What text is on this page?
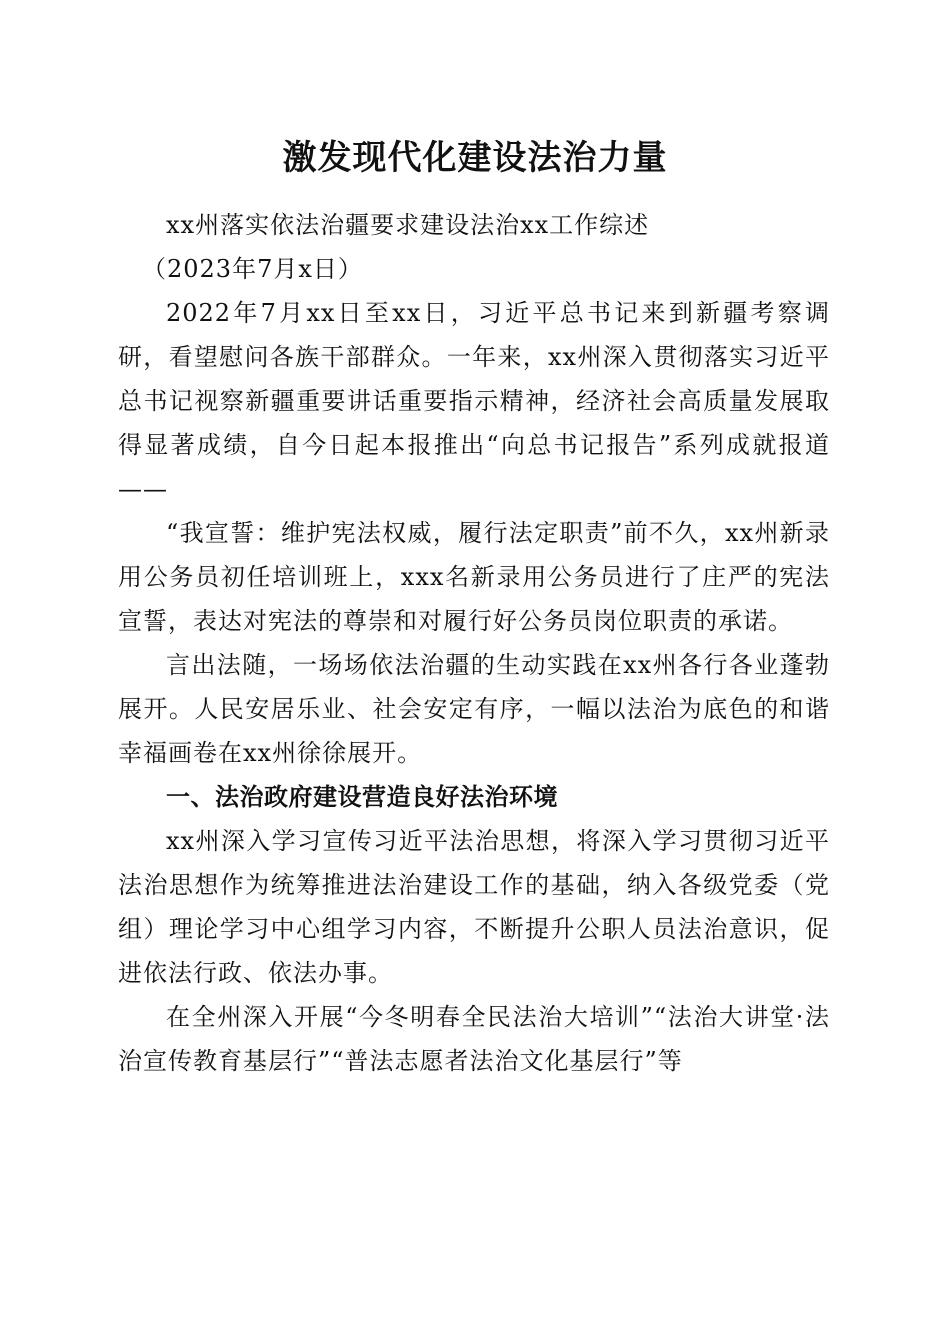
激发现代化建设法治力量

xx州落实依法治疆要求建设法治xx工作综述

（2023年7月x日）

2022年7月xx日至xx日，习近平总书记来到新疆考察调研，看望慰问各族干部群众。一年来，xx州深入贯彻落实习近平总书记视察新疆重要讲话重要指示精神，经济社会高质量发展取得显著成绩，自今日起本报推出“向总书记报告”系列成就报道——

“我宣誓：维护宪法权威，履行法定职责”前不久，xx州新录用公务员初任培训班上，xxx名新录用公务员进行了庄严的宪法宣誓，表达对宪法的尊崇和对履行好公务员岗位职责的承诺。

言出法随，一场场依法治疆的生动实践在xx州各行各业蓬勃展开。人民安居乐业、社会安定有序，一幅以法治为底色的和谐幸福画卷在xx州徐徐展开。

一、法治政府建设营造良好法治环境

xx州深入学习宣传习近平法治思想，将深入学习贯彻习近平法治思想作为统筹推进法治建设工作的基础，纳入各级党委（党组）理论学习中心组学习内容，不断提升公职人员法治意识，促进依法行政、依法办事。

在全州深入开展“今冬明春全民法治大培训”“法治大讲堂·法治宣传教育基层行”“普法志愿者法治文化基层行”等
